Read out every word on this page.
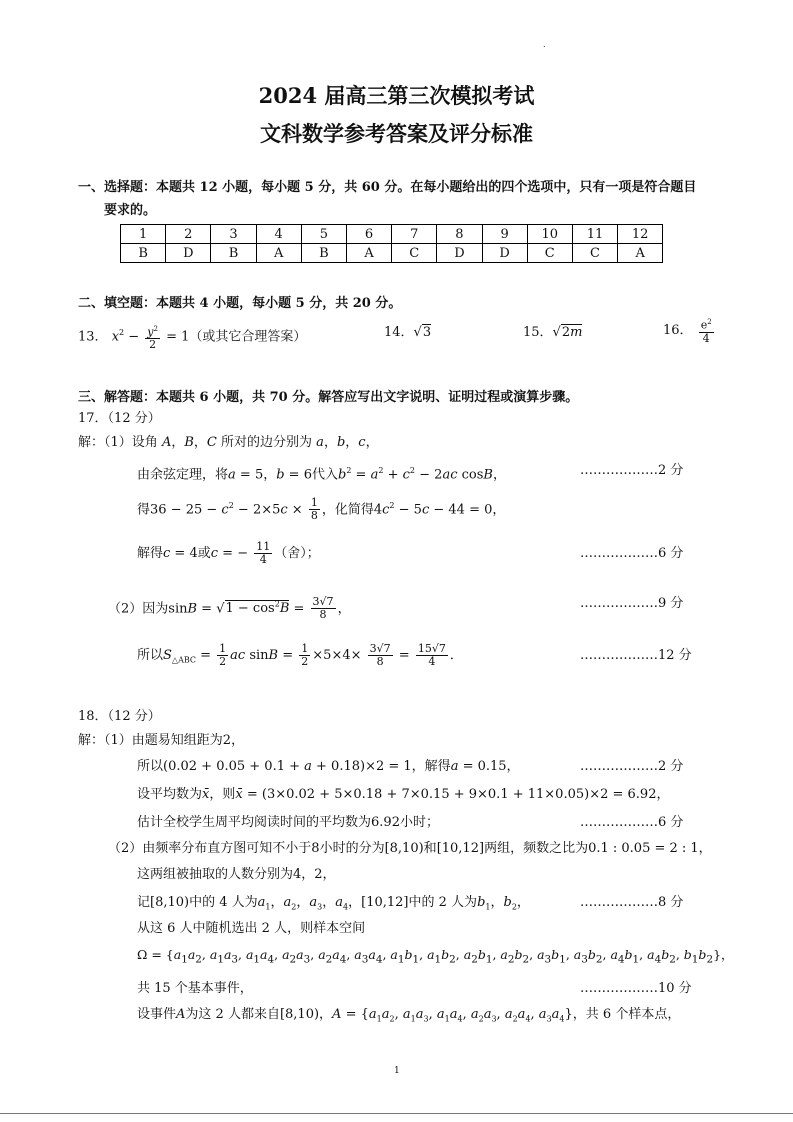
.
2024 届高三第三次模拟考试
文科数学参考答案及评分标准
一、选择题：本题共 12 小题，每小题 5 分，共 60 分。在每小题给出的四个选项中，只有一项是符合题目
要求的。
1	2	3	4	5	6	7	8	9	10	11	12
B	D	B	A	B	A	C	D	D	C	C	A
二、填空题：本题共 4 小题，每小题 5 分，共 20 分。
13． $x^2 - \frac{y^2}{2} = 1$（或其它合理答案）	14．√3	15．√2m	16． $\frac{e^2}{4}$
三、解答题：本题共 6 小题，共 70 分。解答应写出文字说明、证明过程或演算步骤。
17．（12 分）
解：（1）设角 A，B，C 所对的边分别为 a，b，c，
由余弦定理，将a = 5，b = 6代入$b^2 = a^2 + c^2 - 2ac$ cosB，	………………2 分
得$36 - 25 - c^2 - 2\times 5c \times \frac{1}{8}$ ，化简得$4c^2 - 5c - 44 = 0$，
解得c = 4或c = − $\frac{11}{4}$ （舍）；	………………6 分
（2）因为$\sin B = √1 - \cos^2B = \frac{3√7}{8}$ ，	………………9 分
所以$S_{\triangle ABC} = \frac{1}{2}$ ac $\sin B = \frac{1}{2} \times 5\times 4\times \frac{3√7}{8} = \frac{15√7}{4}$ ．	………………12 分
18．（12 分）
解：（1）由题易知组距为2，
所以(0.02 + 0.05 + 0.1 + a + 0.18)×2 = 1，解得a = 0.15，	………………2 分
设平均数为x̄，则x̄ = (3×0.02 + 5×0.18 + 7×0.15 + 9×0.1 + 11×0.05)×2 = 6.92，
估计全校学生周平均阅读时间的平均数为6.92小时；	………………6 分
（2）由频率分布直方图可知不小于8小时的分为[8,10)和[10,12]两组，频数之比为0.1 : 0.05 = 2 : 1，
这两组被抽取的人数分别为4，2，
记[8,10)中的 4 人为$a_1$，$a_2$，$a_3$，$a_4$，[10,12]中的 2 人为$b_1$，$b_2$，	………………8 分
从这 6 人中随机选出 2 人，则样本空间
$\Omega = \{a_1a_2$, $a_1a_3$, $a_1a_4$, $a_2a_3$, $a_2a_4$, $a_3a_4$, $a_1b_1$, $a_1b_2$, $a_2b_1$, $a_2b_2$, $a_3b_1$, $a_3b_2$, $a_4b_1$, $a_4b_2$, $b_1b_2$}，
共 15 个基本事件，	………………10 分
设事件A为这 2 人都来自[8,10)，$A = \{a_1a_2$, $a_1a_3$, $a_1a_4$, $a_2a_3$, $a_2a_4$, $a_3a_4$}，共 6 个样本点，
1
